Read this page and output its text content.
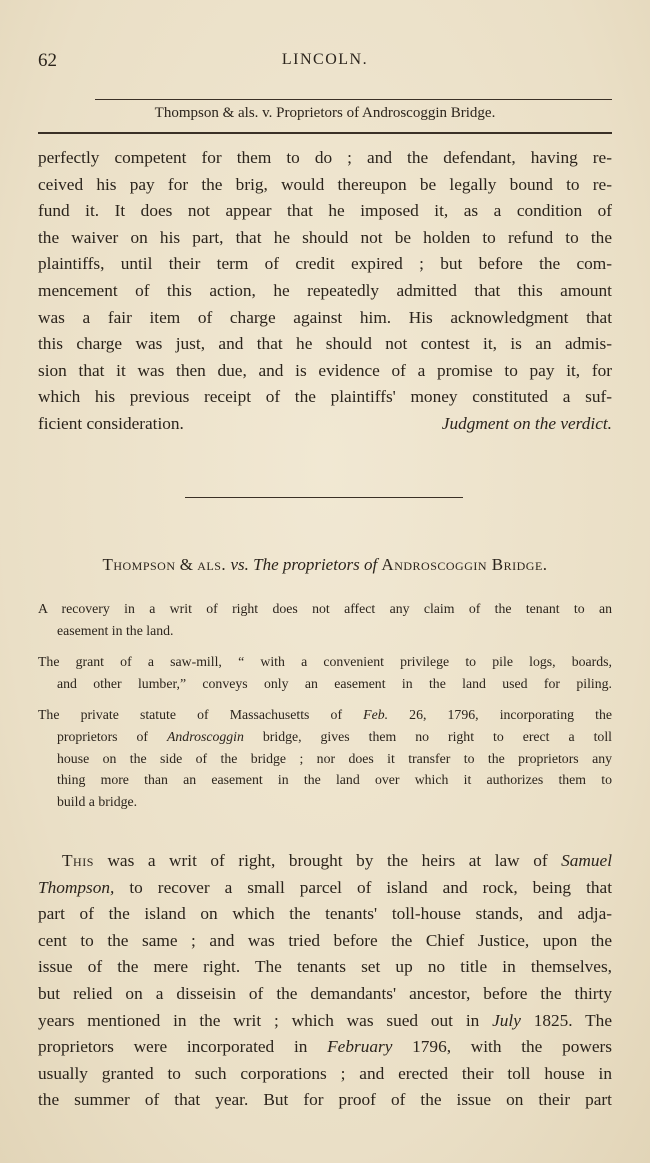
62	LINCOLN.
Thompson & als. v. Proprietors of Androscoggin Bridge.
perfectly competent for them to do ; and the defendant, having re-
ceived his pay for the brig, would thereupon be legally bound to re-
fund it. It does not appear that he imposed it, as a condition of
the waiver on his part, that he should not be holden to refund to the
plaintiffs, until their term of credit expired ; but before the com-
mencement of this action, he repeatedly admitted that this amount
was a fair item of charge against him. His acknowledgment that
this charge was just, and that he should not contest it, is an admis-
sion that it was then due, and is evidence of a promise to pay it, for
which his previous receipt of the plaintiffs' money constituted a suf-
ficient consideration.	Judgment on the verdict.
Thompson & als. vs. The proprietors of Androscoggin Bridge.
A recovery in a writ of right does not affect any claim of the tenant to an
easement in the land.
The grant of a saw-mill, “ with a convenient privilege to pile logs, boards,
and other lumber,” conveys only an easement in the land used for piling.
The private statute of Massachusetts of Feb. 26, 1796, incorporating the
proprietors of Androscoggin bridge, gives them no right to erect a toll
house on the side of the bridge ; nor does it transfer to the proprietors any
thing more than an easement in the land over which it authorizes them to
build a bridge.
This was a writ of right, brought by the heirs at law of Samuel
Thompson, to recover a small parcel of island and rock, being that
part of the island on which the tenants' toll-house stands, and adja-
cent to the same ; and was tried before the Chief Justice, upon the
issue of the mere right. The tenants set up no title in themselves,
but relied on a disseisin of the demandants' ancestor, before the thirty
years mentioned in the writ ; which was sued out in July 1825. The
proprietors were incorporated in February 1796, with the powers
usually granted to such corporations ; and erected their toll house in
the summer of that year. But for proof of the issue on their part
